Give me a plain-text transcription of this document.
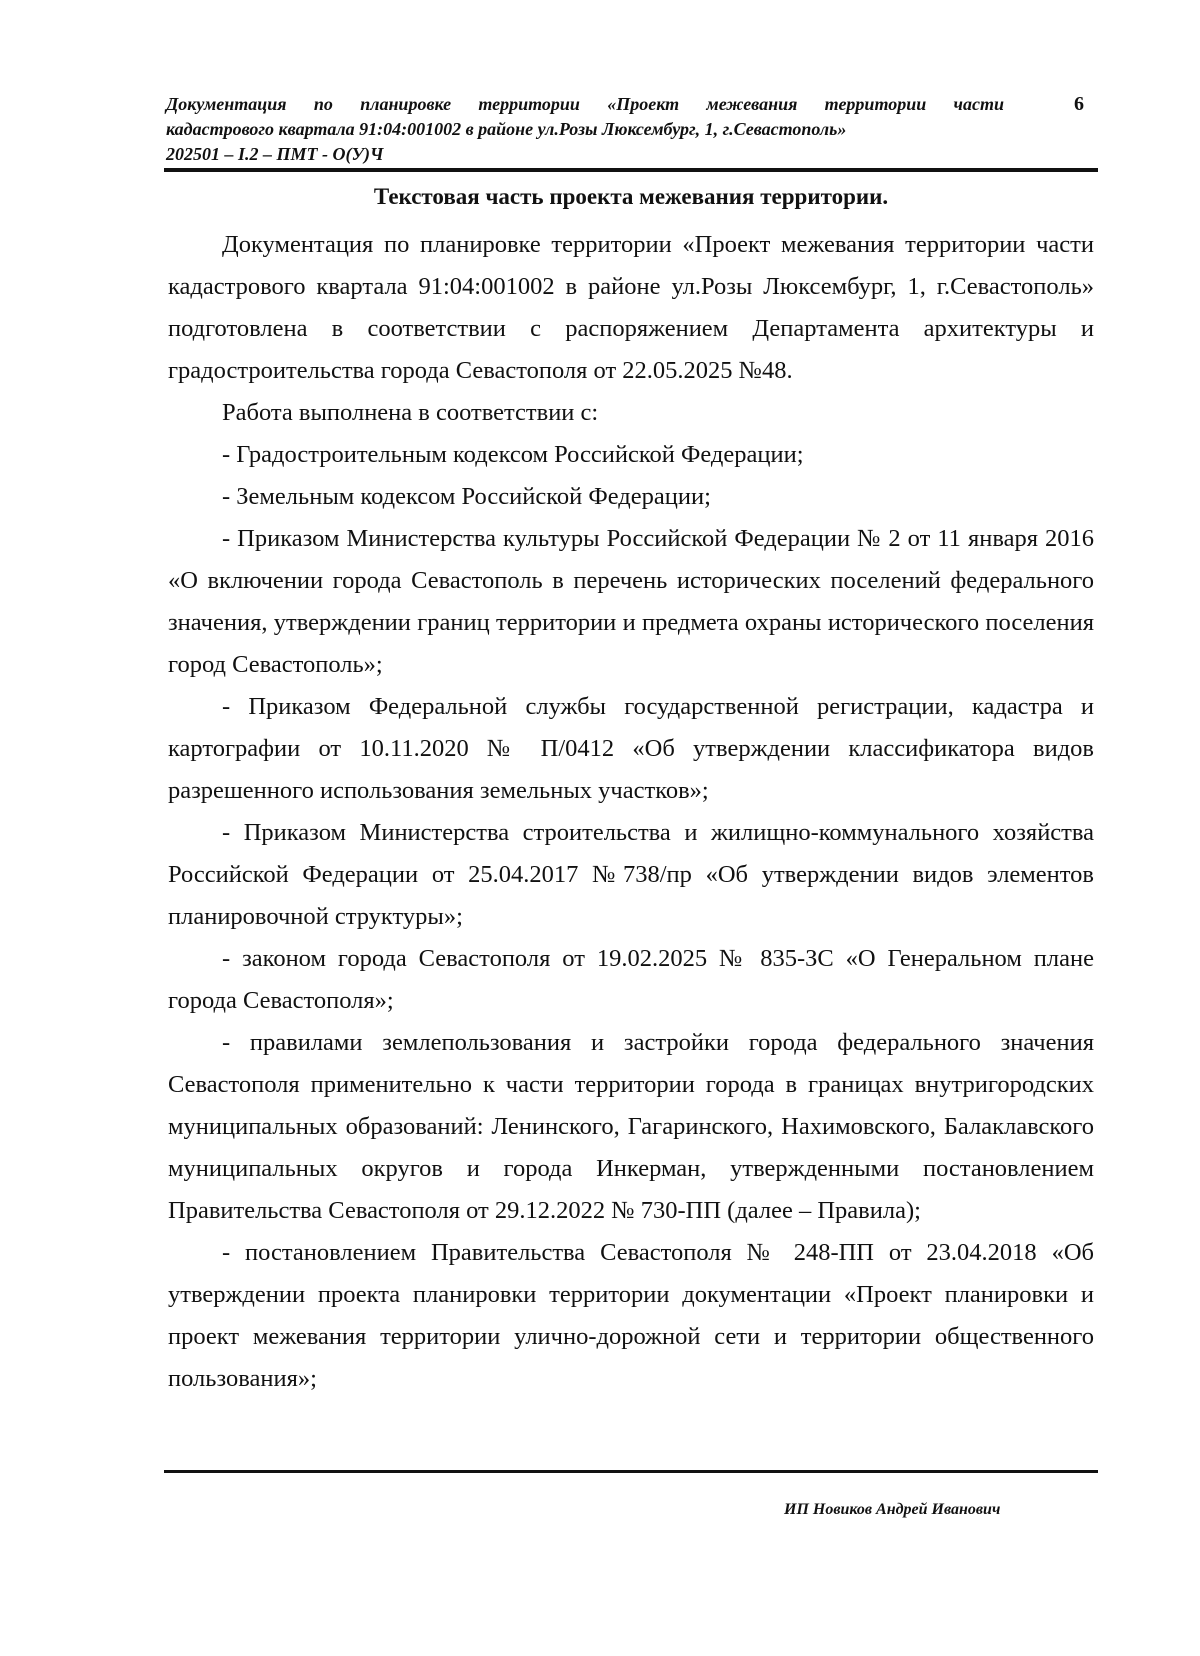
Документация по планировке территории «Проект межевания территории части
кадастрового квартала 91:04:001002 в районе ул.Розы Люксембург, 1, г.Севастополь»
202501 – I.2 – ПМТ - О(У)Ч
6
Текстовая часть проекта межевания территории.

Документация по планировке территории «Проект межевания территории части кадастрового квартала 91:04:001002 в районе ул.Розы Люксембург, 1, г.Севастополь» подготовлена в соответствии с распоряжением Департамента архитектуры и градостроительства города Севастополя от 22.05.2025 №48.

Работа выполнена в соответствии с:

- Градостроительным кодексом Российской Федерации;

- Земельным кодексом Российской Федерации;

- Приказом Министерства культуры Российской Федерации № 2 от 11 января 2016 «О включении города Севастополь в перечень исторических поселений федерального значения, утверждении границ территории и предмета охраны исторического поселения город Севастополь»;

- Приказом Федеральной службы государственной регистрации, кадастра и картографии от 10.11.2020 № П/0412 «Об утверждении классификатора видов разрешенного использования земельных участков»;

- Приказом Министерства строительства и жилищно-коммунального хозяйства Российской Федерации от 25.04.2017 №738/пр «Об утверждении видов элементов планировочной структуры»;

- законом города Севастополя от 19.02.2025 № 835-ЗС «О Генеральном плане города Севастополя»;

- правилами землепользования и застройки города федерального значения Севастополя применительно к части территории города в границах внутригородских муниципальных образований: Ленинского, Гагаринского, Нахимовского, Балаклавского муниципальных округов и города Инкерман, утвержденными постановлением Правительства Севастополя от 29.12.2022 № 730-ПП (далее – Правила);

- постановлением Правительства Севастополя № 248-ПП от 23.04.2018 «Об утверждении проекта планировки территории документации «Проект планировки и проект межевания территории улично-дорожной сети и территории общественного пользования»;

ИП Новиков Андрей Иванович
